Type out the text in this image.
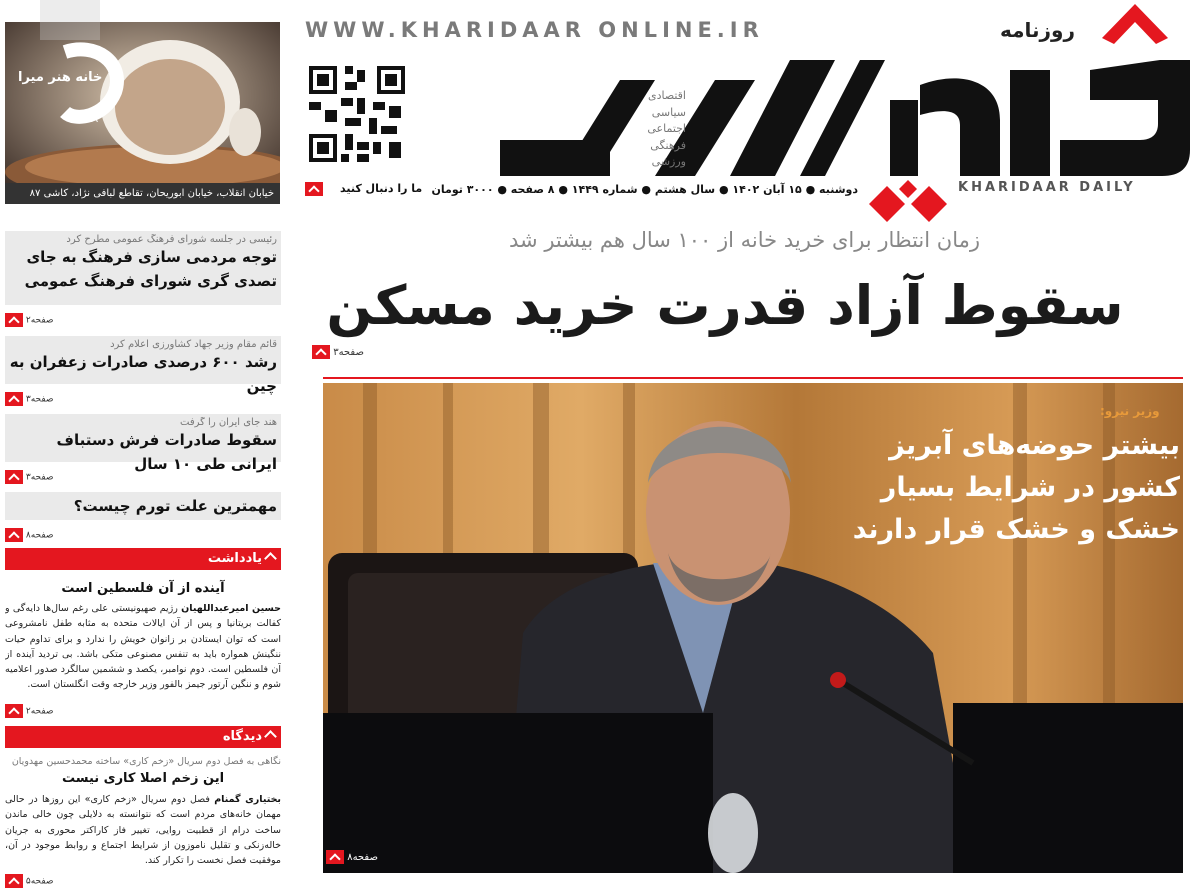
WWW.KHARIDAAR ONLINE.IR	روزنامه
اقتصادی
سیاسی
اجتماعی
فرهنگی
ورزشی
KHARIDAAR DAILY
دوشنبه ● ۱۵ آبان ۱۴۰۲ ● سال هشتم ● شماره ۱۴۴۹ ● ۸ صفحه ● ۳۰۰۰ تومان
ما را دنبال کنید
خانه هنر میرا
MIRA
خیابان انقلاب، خیابان ابوریحان، تقاطع لبافی نژاد، کاشی ۸۷
زمان انتظار برای خرید خانه از ۱۰۰ سال هم بیشتر شد
سقوط آزاد قدرت خرید مسکن
صفحه۳
وزیر نیرو:
بیشتر حوضه‌های آبریز کشور در شرایط بسیار خشک و خشک قرار دارند
صفحه۸
رئیسی در جلسه شورای فرهنگ عمومی مطرح کرد
توجه مردمی سازی فرهنگ به جای تصدی گری شورای فرهنگ عمومی
صفحه۲
قائم مقام وزیر جهاد کشاورزی اعلام کرد
رشد ۶۰۰ درصدی صادرات زعفران به چین
صفحه۳
هند جای ایران را گرفت
سقوط صادرات فرش دستباف ایرانی طی ۱۰ سال
صفحه۳
مهمترین علت تورم چیست؟
صفحه۸
یادداشت
آینده از آن فلسطین است
حسین امیرعبداللهیان رژیم صهیونیستی علی رغم سال‌ها دایه‌گی و کفالت بریتانیا و پس از آن ایالات متحده به مثابه طفل نامشروعی است که توان ایستادن بر زانوان خویش را ندارد و برای تداوم حیات ننگینش همواره باید به تنفس مصنوعی متکی باشد. بی تردید آینده از آن فلسطین است. دوم نوامبر، یکصد و ششمین سالگرد صدور اعلامیه شوم و ننگین آرتور جیمز بالفور وزیر خارجه وقت انگلستان است.
صفحه۲
دیدگاه
نگاهی به فصل دوم سریال «زخم کاری» ساخته محمدحسین مهدویان
این زخم اصلا کاری نیست
بختیاری گمنام فصل دوم سریال «زخم کاری» این روزها در حالی مهمان خانه‌های مردم است که نتوانسته به دلایلی چون خالی ماندن ساخت درام از قطبیت روایی، تغییر فاز کاراکتر محوری به جریان خاله‌زنکی و تقلیل ناموزون از شرایط اجتماع و روابط موجود در آن، موفقیت فصل نخست را تکرار کند.
صفحه۵
